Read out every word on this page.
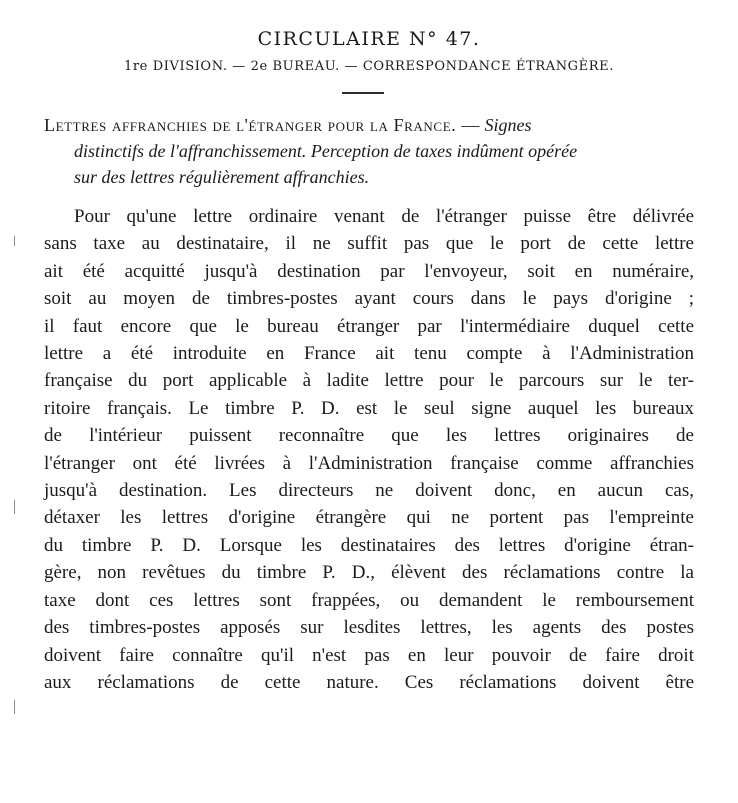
CIRCULAIRE N° 47.
1re DIVISION. — 2e BUREAU. — CORRESPONDANCE ÉTRANGÈRE.
Lettres affranchies de l'étranger pour la France. — Signes
distinctifs de l'affranchissement. Perception de taxes indûment opérée
sur des lettres régulièrement affranchies.
Pour qu'une lettre ordinaire venant de l'étranger puisse être délivrée
sans taxe au destinataire, il ne suffit pas que le port de cette lettre
ait été acquitté jusqu'à destination par l'envoyeur, soit en numéraire,
soit au moyen de timbres-postes ayant cours dans le pays d'origine ;
il faut encore que le bureau étranger par l'intermédiaire duquel cette
lettre a été introduite en France ait tenu compte à l'Administration
française du port applicable à ladite lettre pour le parcours sur le ter-
ritoire français. Le timbre P. D. est le seul signe auquel les bureaux
de l'intérieur puissent reconnaître que les lettres originaires de
l'étranger ont été livrées à l'Administration française comme affranchies
jusqu'à destination. Les directeurs ne doivent donc, en aucun cas,
détaxer les lettres d'origine étrangère qui ne portent pas l'empreinte
du timbre P. D. Lorsque les destinataires des lettres d'origine étran-
gère, non revêtues du timbre P. D., élèvent des réclamations contre la
taxe dont ces lettres sont frappées, ou demandent le remboursement
des timbres-postes apposés sur lesdites lettres, les agents des postes
doivent faire connaître qu'il n'est pas en leur pouvoir de faire droit
aux réclamations de cette nature. Ces réclamations doivent être
